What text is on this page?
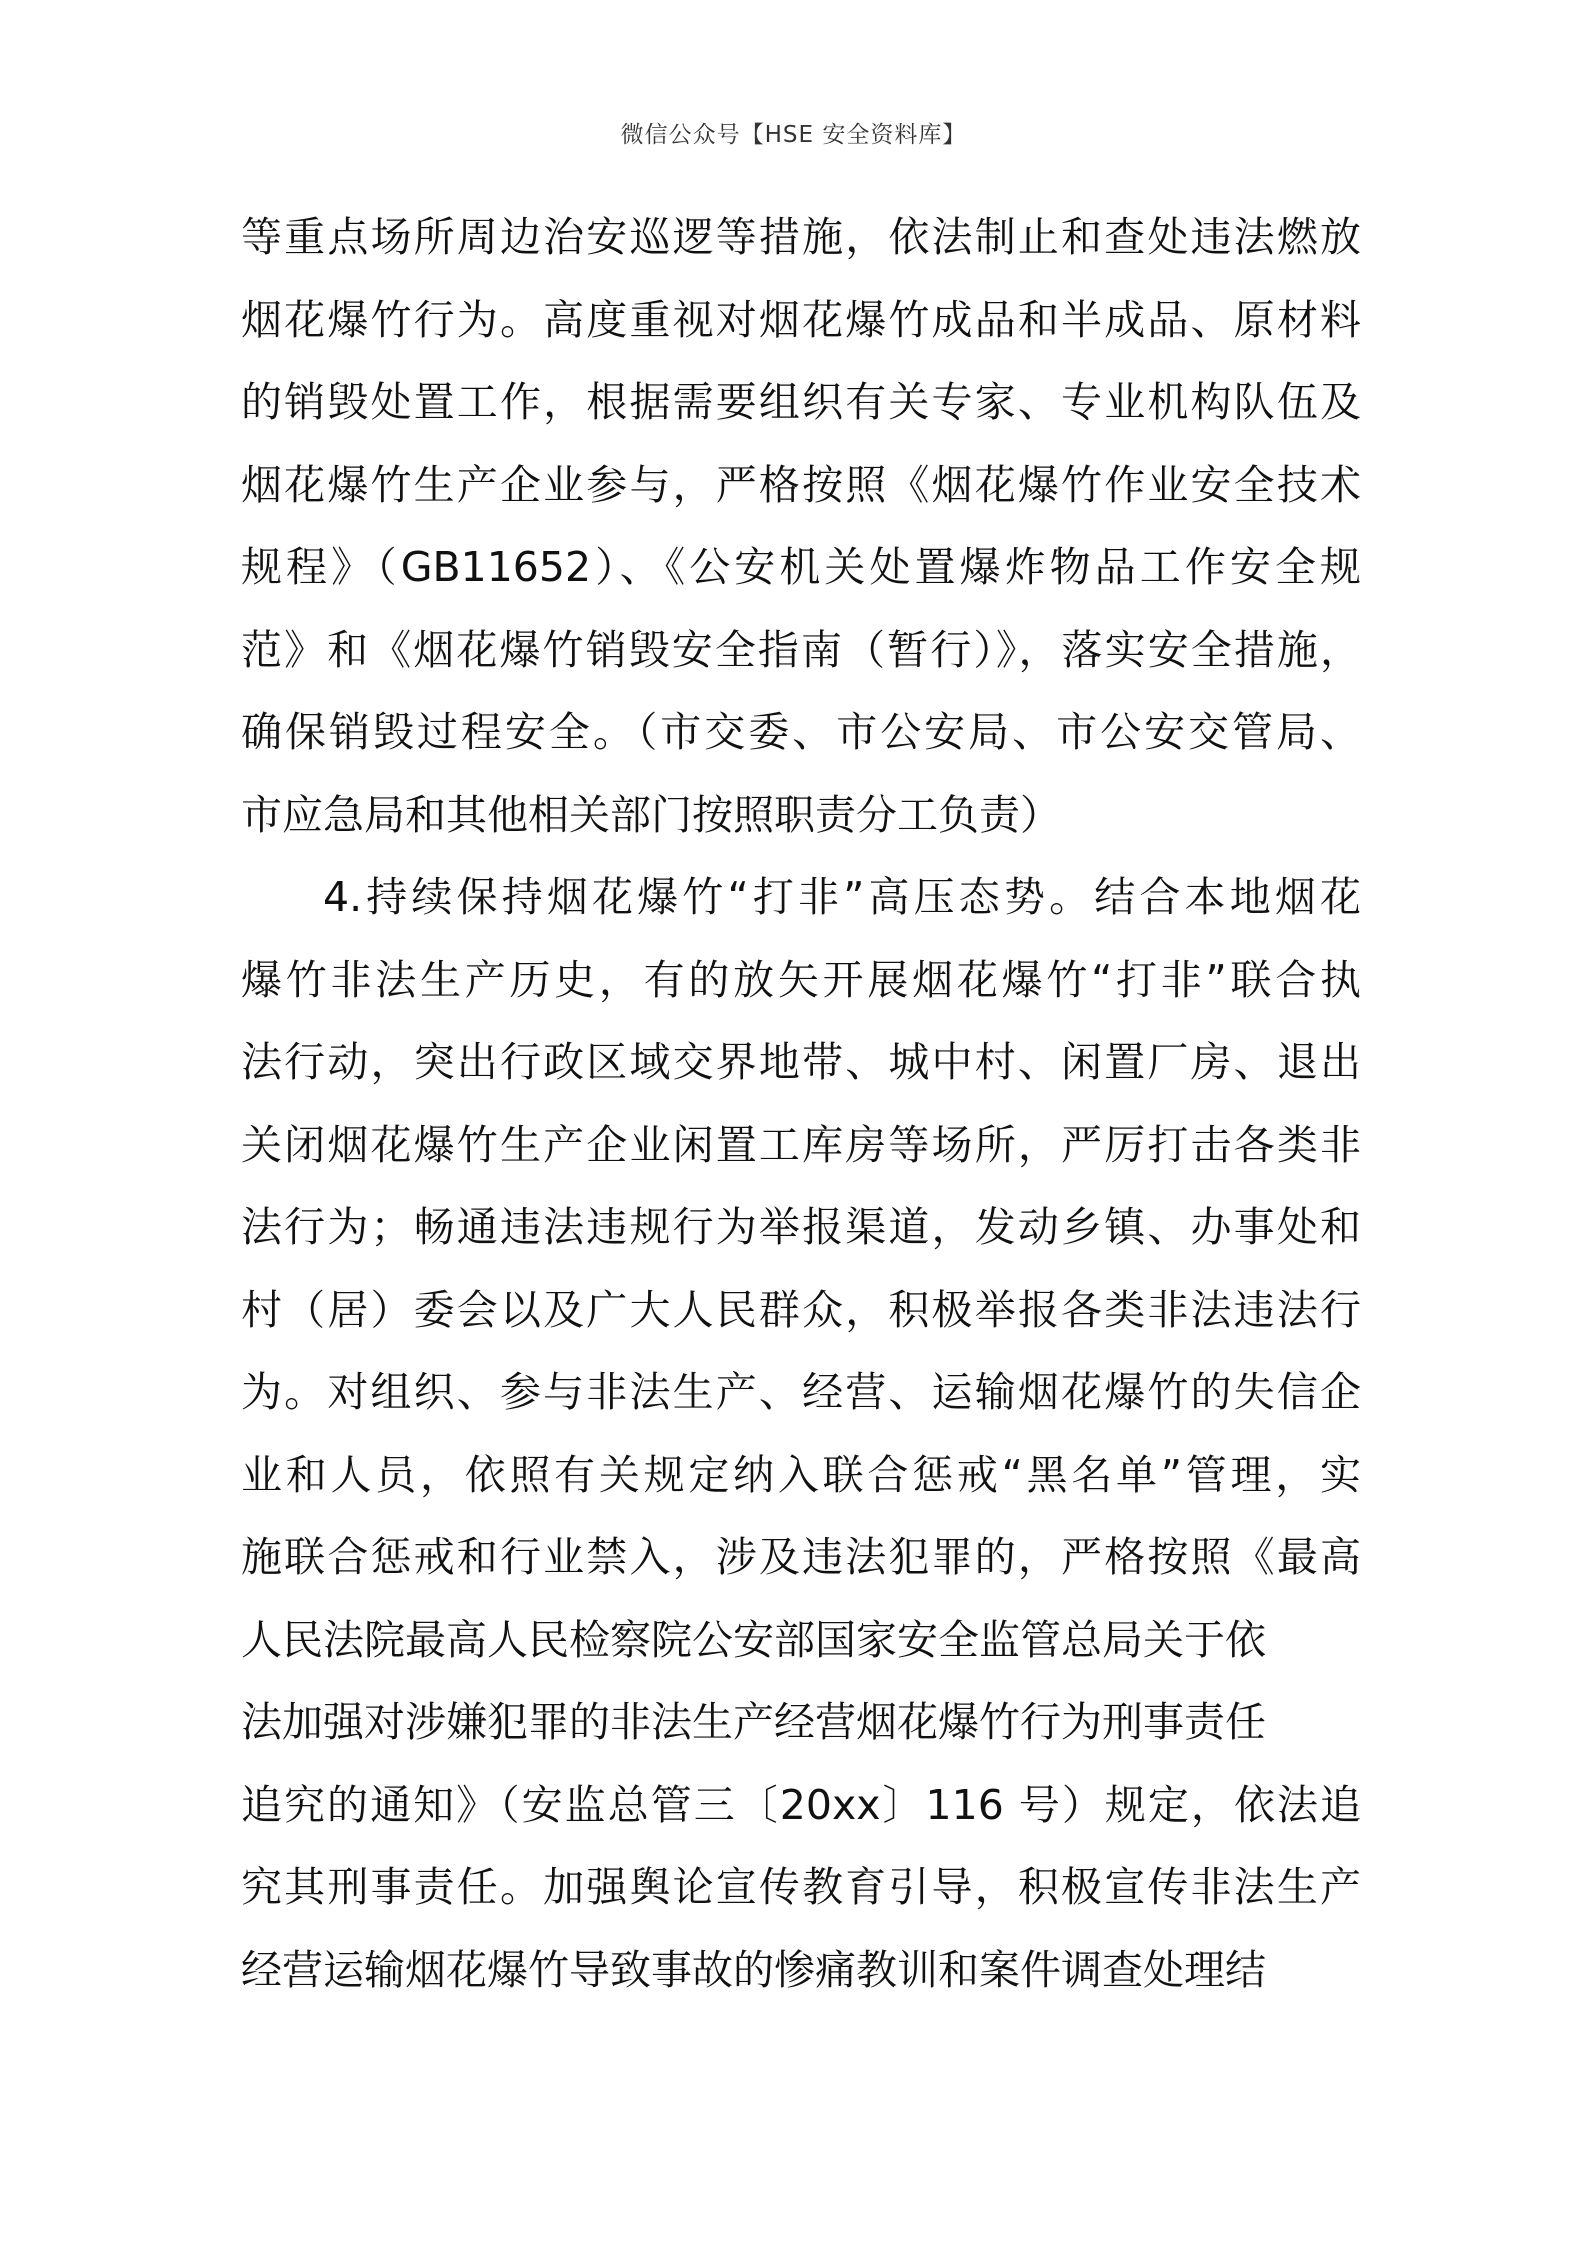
微信公众号【HSE 安全资料库】
等重点场所周边治安巡逻等措施，依法制止和查处违法燃放
烟花爆竹行为。高度重视对烟花爆竹成品和半成品、原材料
的销毁处置工作，根据需要组织有关专家、专业机构队伍及
烟花爆竹生产企业参与，严格按照《烟花爆竹作业安全技术
规程》（GB11652）、《公安机关处置爆炸物品工作安全规
范》和《烟花爆竹销毁安全指南（暂行）》，落实安全措施，
确保销毁过程安全。（市交委、市公安局、市公安交管局、
市应急局和其他相关部门按照职责分工负责）
4.持续保持烟花爆竹“打非”高压态势。结合本地烟花
爆竹非法生产历史，有的放矢开展烟花爆竹“打非”联合执
法行动，突出行政区域交界地带、城中村、闲置厂房、退出
关闭烟花爆竹生产企业闲置工库房等场所，严厉打击各类非
法行为；畅通违法违规行为举报渠道，发动乡镇、办事处和
村（居）委会以及广大人民群众，积极举报各类非法违法行
为。对组织、参与非法生产、经营、运输烟花爆竹的失信企
业和人员，依照有关规定纳入联合惩戒“黑名单”管理，实
施联合惩戒和行业禁入，涉及违法犯罪的，严格按照《最高
人民法院最高人民检察院公安部国家安全监管总局关于依
法加强对涉嫌犯罪的非法生产经营烟花爆竹行为刑事责任
追究的通知》（安监总管三〔20xx〕116 号）规定，依法追
究其刑事责任。加强舆论宣传教育引导，积极宣传非法生产
经营运输烟花爆竹导致事故的惨痛教训和案件调查处理结
